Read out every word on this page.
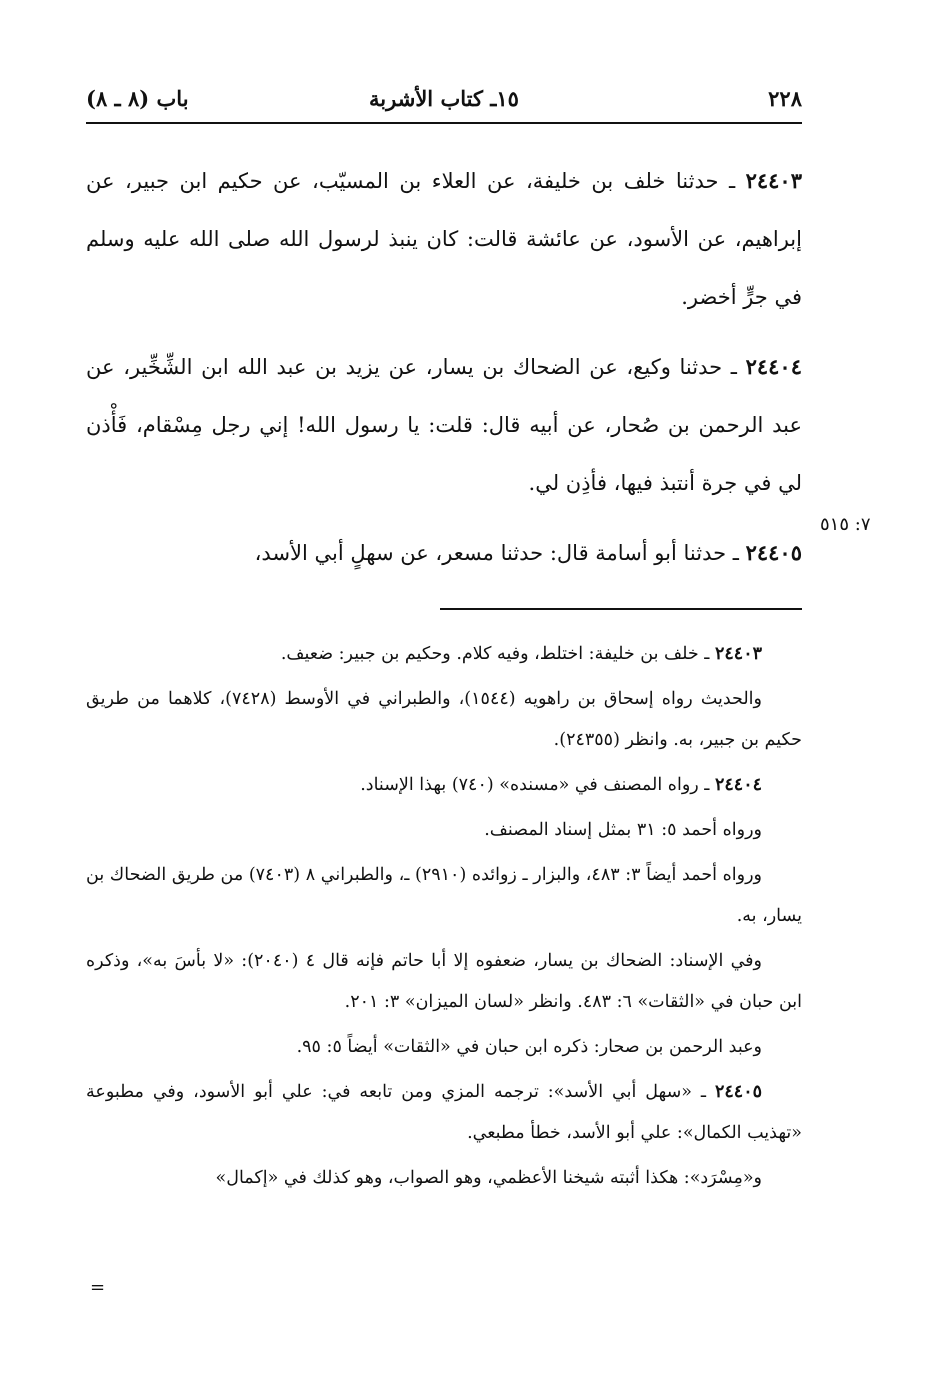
٢٢٨
١٥ـ كتاب الأشربة
باب (٨ ـ ٨)

٢٤٤٠٣ ـ حدثنا خلف بن خليفة، عن العلاء بن المسيّب، عن حكيم ابن جبير، عن إبراهيم، عن الأسود، عن عائشة قالت: كان ينبذ لرسول الله صلى الله عليه وسلم في جرٍّ أخضر.

٢٤٤٠٤ ـ حدثنا وكيع، عن الضحاك بن يسار، عن يزيد بن عبد الله ابن الشِّخِّير، عن عبد الرحمن بن صُحار، عن أبيه قال: قلت: يا رسول الله! إني رجل مِسْقام، فَأْذن لي في جرة أنتبذ فيها، فأذِن لي.

٢٤٤٠٥ ـ حدثنا أبو أسامة قال: حدثنا مسعر، عن سهلٍ أبي الأسد،

٧: ٥١٥

٢٤٤٠٣ ـ خلف بن خليفة: اختلط، وفيه كلام. وحكيم بن جبير: ضعيف.

والحديث رواه إسحاق بن راهويه (١٥٤٤)، والطبراني في الأوسط (٧٤٢٨)، كلاهما من طريق حكيم بن جبير، به. وانظر (٢٤٣٥٥).

٢٤٤٠٤ ـ رواه المصنف في «مسنده» (٧٤٠) بهذا الإسناد.

ورواه أحمد ٥: ٣١ بمثل إسناد المصنف.

ورواه أحمد أيضاً ٣: ٤٨٣، والبزار ـ زوائده (٢٩١٠) ـ، والطبراني ٨ (٧٤٠٣) من طريق الضحاك بن يسار، به.

وفي الإسناد: الضحاك بن يسار، ضعفوه إلا أبا حاتم فإنه قال ٤ (٢٠٤٠): «لا بأسَ به»، وذكره ابن حبان في «الثقات» ٦: ٤٨٣. وانظر «لسان الميزان» ٣: ٢٠١.

وعبد الرحمن بن صحار: ذكره ابن حبان في «الثقات» أيضاً ٥: ٩٥.

٢٤٤٠٥ ـ «سهل أبي الأسد»: ترجمه المزي ومن تابعه في: علي أبو الأسود، وفي مطبوعة «تهذيب الكمال»: علي أبو الأسد، خطأ مطبعي.

و«مِسْرَد»: هكذا أثبته شيخنا الأعظمي، وهو الصواب، وهو كذلك في «إكمال»

=
